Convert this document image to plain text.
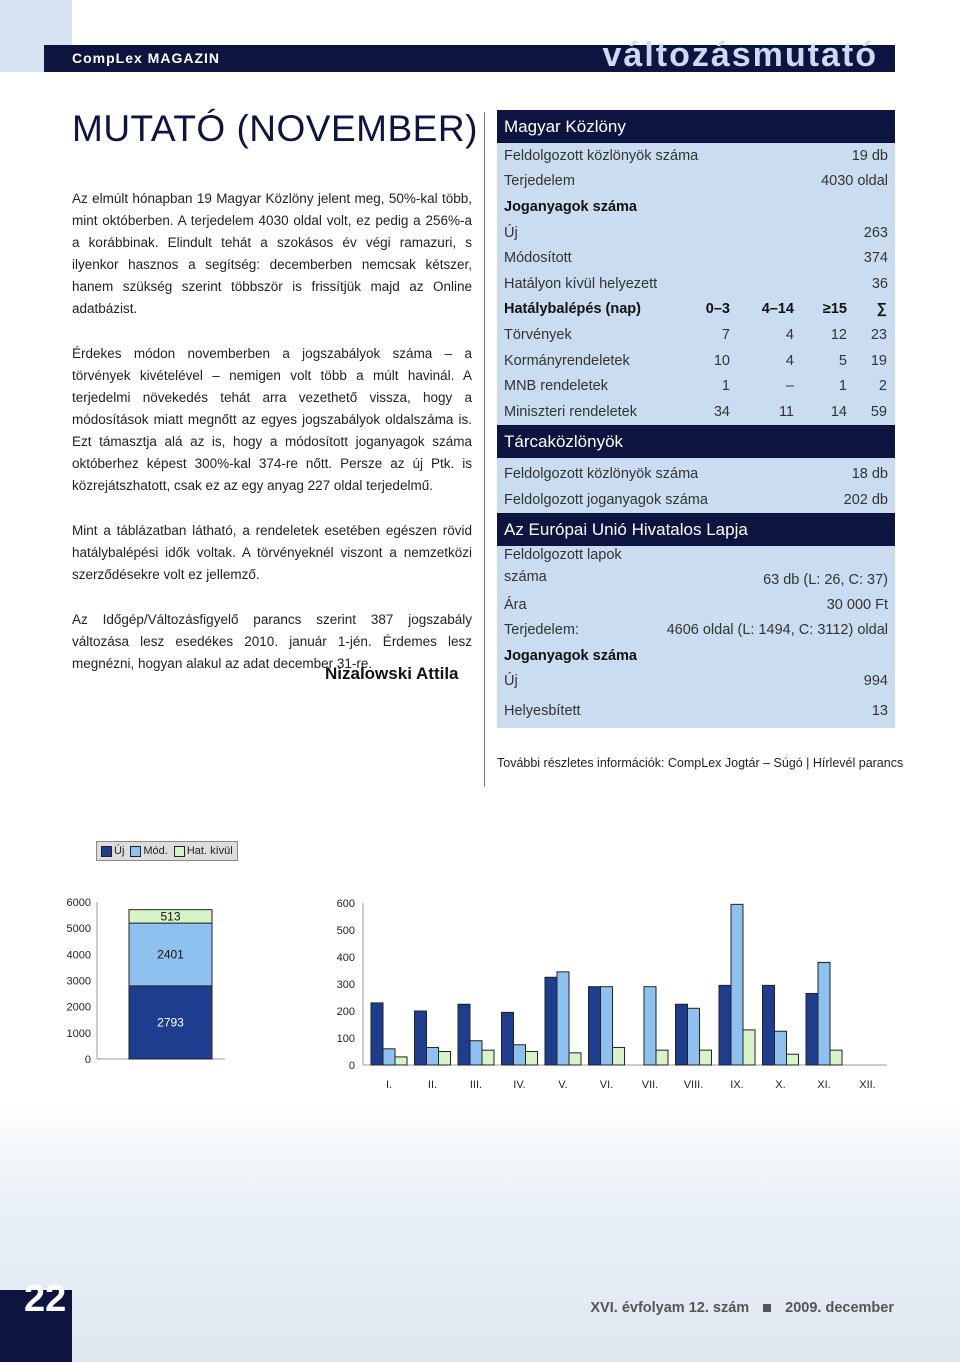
CompLex MAGAZIN	változásmutató
MUTATÓ (NOVEMBER)

Az elmúlt hónapban 19 Magyar Közlöny jelent meg, 50%-kal több, mint októberben. A terjedelem 4030 oldal volt, ez pedig a 256%-a a korábbinak. Elindult tehát a szokásos év végi ramazuri, s ilyenkor hasznos a segítség: decemberben nemcsak kétszer, hanem szükség szerint többször is frissítjük majd az Online adatbázist.

Érdekes módon novemberben a jogszabályok száma – a törvények kivételével – nemigen volt több a múlt havinál. A terjedelmi növekedés tehát arra vezethető vissza, hogy a módosítások miatt megnőtt az egyes jogszabályok oldalszáma is. Ezt támasztja alá az is, hogy a módosított joganyagok száma októberhez képest 300%-kal 374-re nőtt. Persze az új Ptk. is közrejátszhatott, csak ez az egy anyag 227 oldal terjedelmű.

Mint a táblázatban látható, a rendeletek esetében egészen rövid hatálybalépési idők voltak. A törvényeknél viszont a nemzetközi szerződésekre volt ez jellemző.

Az Időgép/Változásfigyelő parancs szerint 387 jogszabály változása lesz esedékes 2010. január 1-jén. Érdemes lesz megnézni, hogyan alakul az adat december 31-re.

Nizalowski Attila
Magyar Közlöny
Feldolgozott közlönyök száma	19 db
Terjedelem	4030 oldal
Joganyagok száma
Új	263
Módosított	374
Hatályon kívül helyezett	36
Hatálybalépés (nap)	0–3	4–14	≥15	∑
Törvények	7	4	12	23
Kormányrendeletek	10	4	5	19
MNB rendeletek	1	–	1	2
Miniszteri rendeletek	34	11	14	59
Tárcaközlönyök
Feldolgozott közlönyök száma	18 db
Feldolgozott joganyagok száma	202 db
Az Európai Unió Hivatalos Lapja
Feldolgozott lapok
száma	63 db (L: 26, C: 37)
Ára	30 000 Ft
Terjedelem:	4606 oldal (L: 1494, C: 3112) oldal
Joganyagok száma
Új	994
Helyesbített	13
További részletes információk: CompLex Jogtár – Súgó | Hírlevél parancs
Új Mód. Hat. kívül
0
1000
2000
3000
4000
5000
6000
2793
2401
513
0
100
200
300
400
500
600
I.	II.	III.	IV.	V.	VI.	VII. VIII. IX.	X.	XI.	XII.
22	XVI. évfolyam 12. szám 2009. december
